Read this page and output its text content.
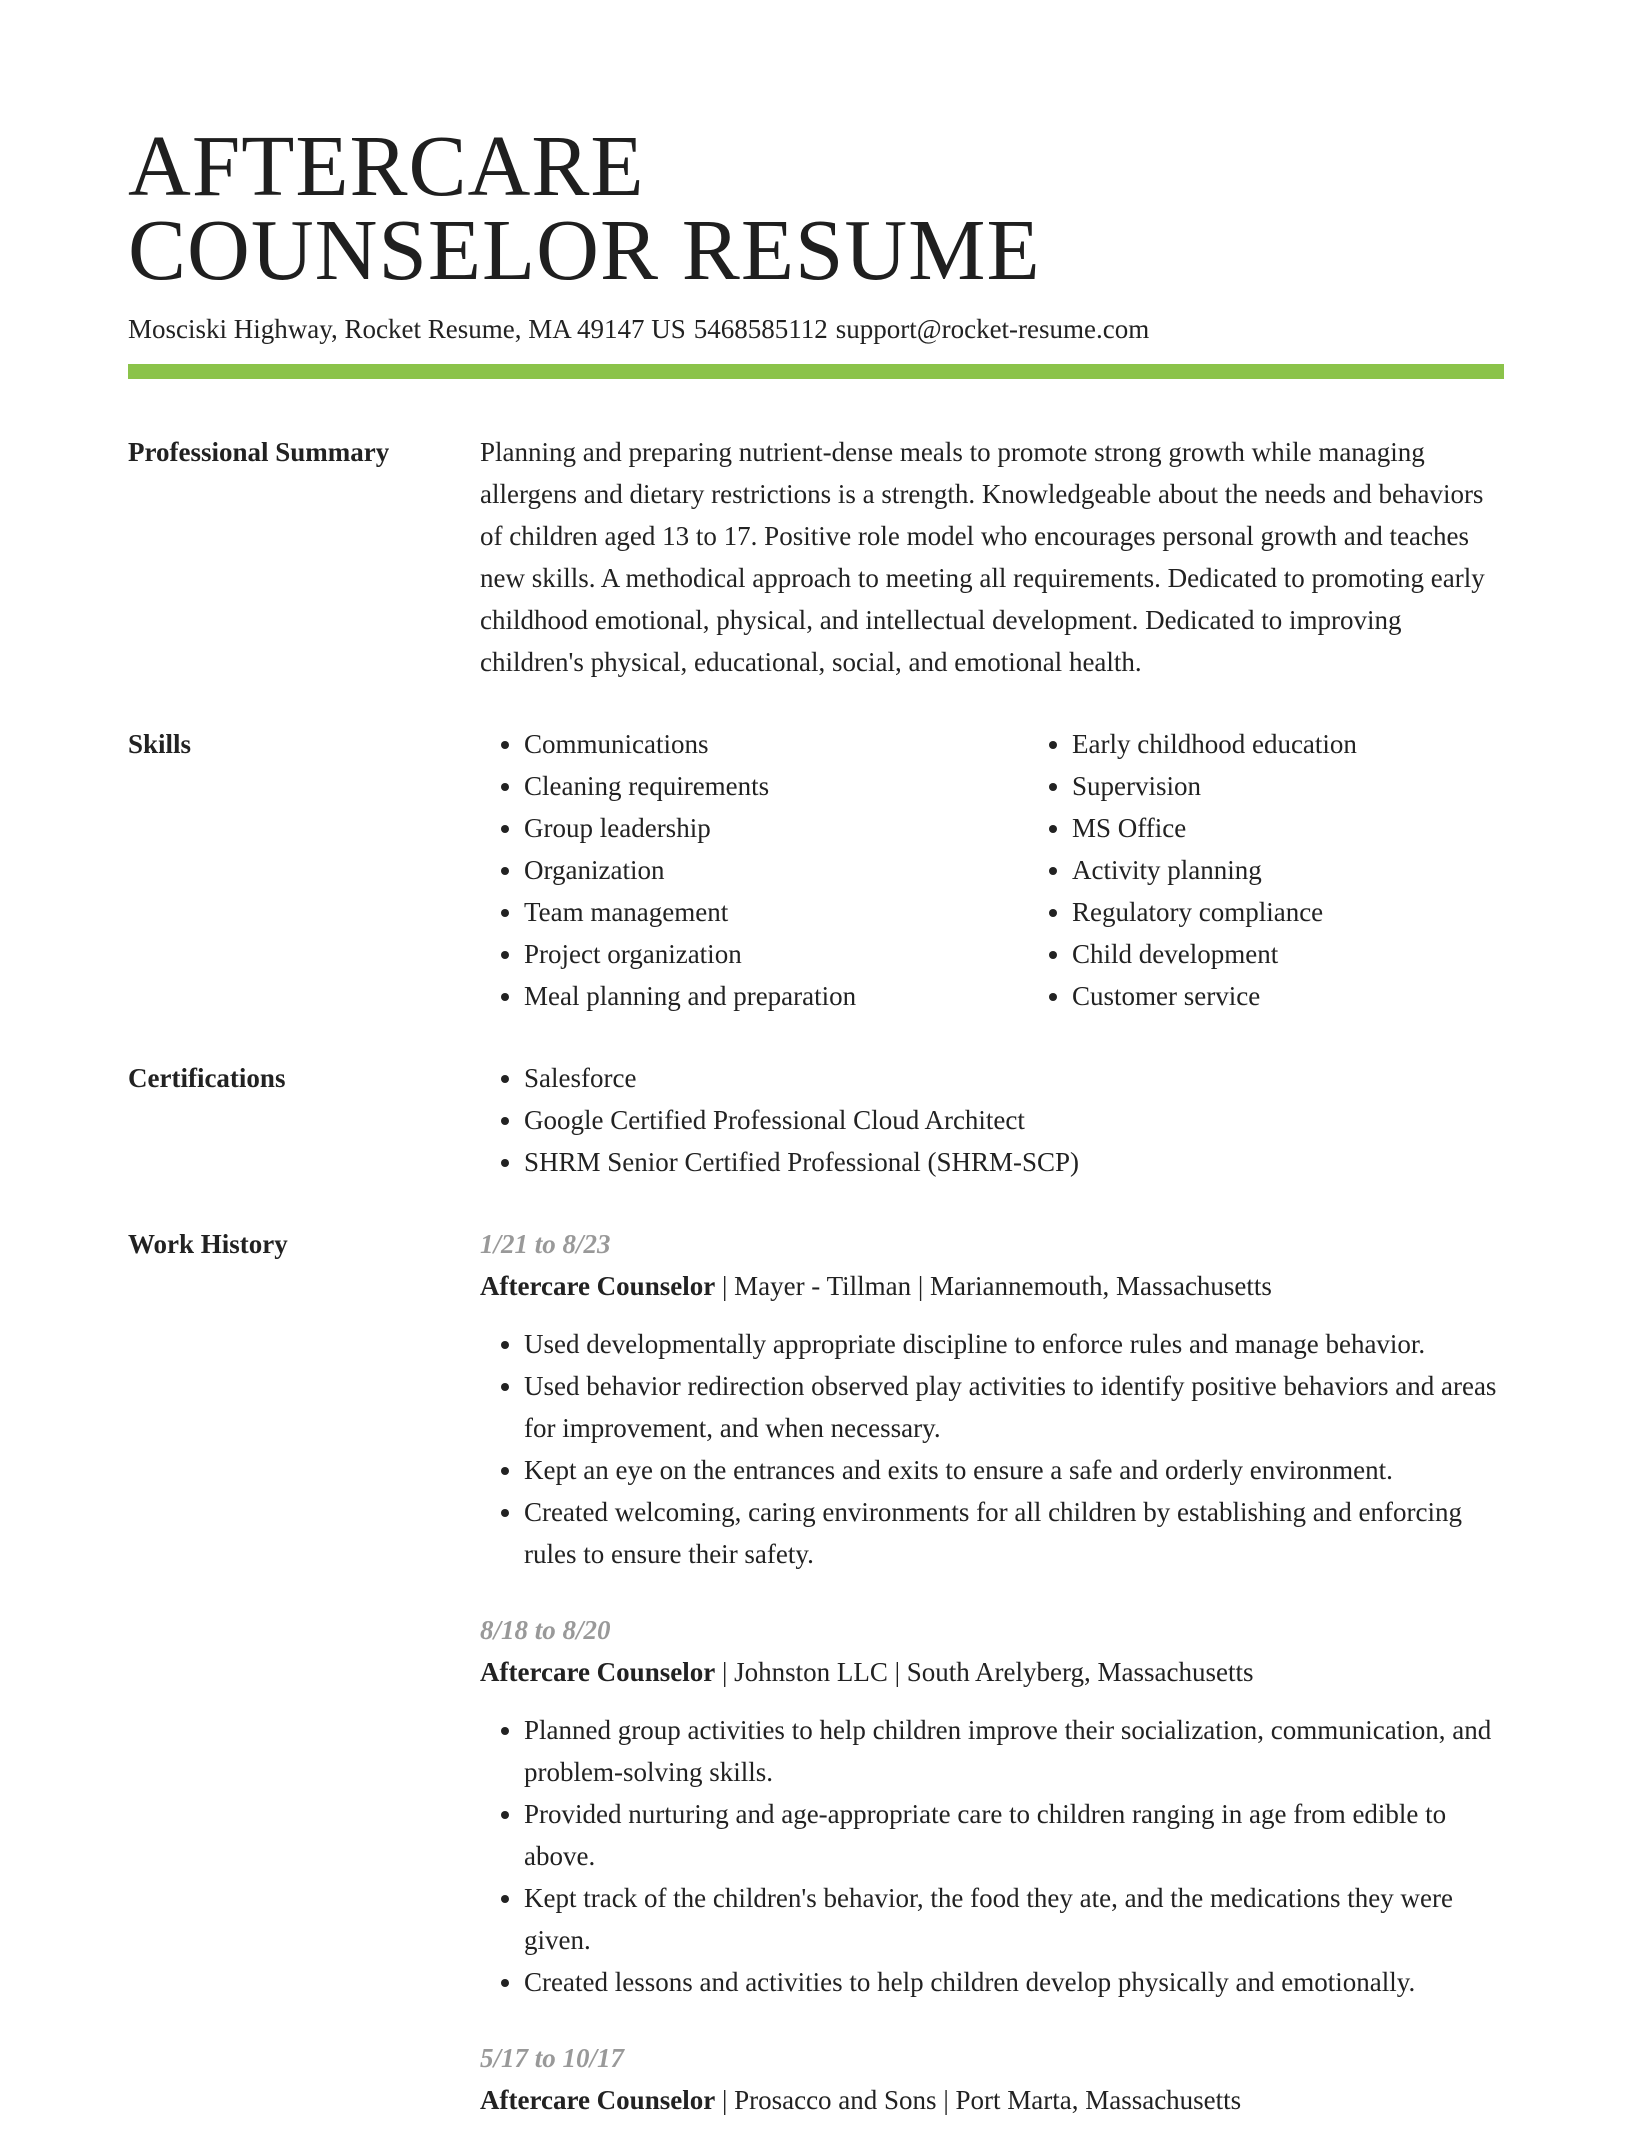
AFTERCARE
COUNSELOR RESUME
Mosciski Highway, Rocket Resume, MA 49147 US 5468585112 support@rocket-resume.com
Professional Summary	Planning and preparing nutrient-dense meals to promote strong growth while managing allergens and dietary restrictions is a strength. Knowledgeable about the needs and behaviors of children aged 13 to 17. Positive role model who encourages personal growth and teaches new skills. A methodical approach to meeting all requirements. Dedicated to promoting early childhood emotional, physical, and intellectual development. Dedicated to improving children's physical, educational, social, and emotional health.

Skills	• Communications
• Cleaning requirements
• Group leadership
• Organization
• Team management
• Project organization
• Meal planning and preparation
• Early childhood education
• Supervision
• MS Office
• Activity planning
• Regulatory compliance
• Child development
• Customer service
Certifications	• Salesforce
• Google Certified Professional Cloud Architect
• SHRM Senior Certified Professional (SHRM-SCP)
Work History	1/21 to 8/23
Aftercare Counselor | Mayer - Tillman | Mariannemouth, Massachusetts
• Used developmentally appropriate discipline to enforce rules and manage behavior.
• Used behavior redirection observed play activities to identify positive behaviors and areas for improvement, and when necessary.
• Kept an eye on the entrances and exits to ensure a safe and orderly environment.
• Created welcoming, caring environments for all children by establishing and enforcing rules to ensure their safety.
8/18 to 8/20
Aftercare Counselor | Johnston LLC | South Arelyberg, Massachusetts
• Planned group activities to help children improve their socialization, communication, and problem-solving skills.
• Provided nurturing and age-appropriate care to children ranging in age from edible to above.
• Kept track of the children's behavior, the food they ate, and the medications they were given.
• Created lessons and activities to help children develop physically and emotionally.
5/17 to 10/17
Aftercare Counselor | Prosacco and Sons | Port Marta, Massachusetts
